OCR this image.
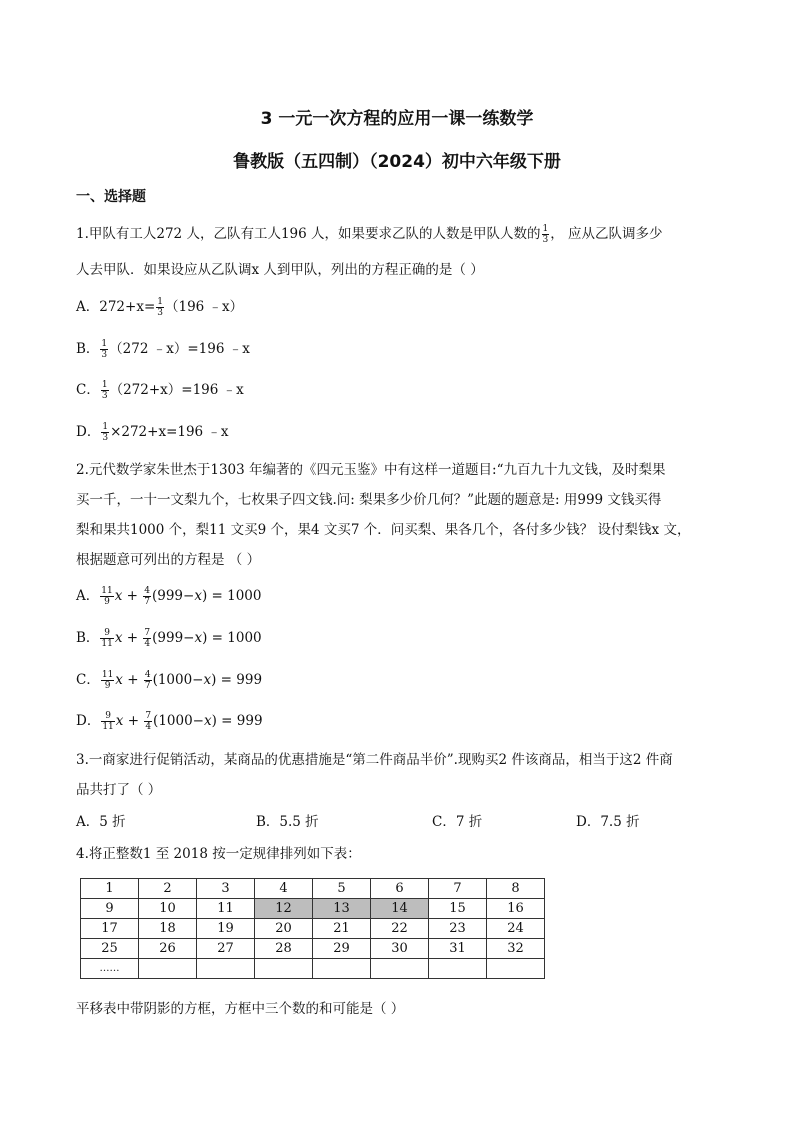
3 一元一次方程的应用一课一练数学
鲁教版（五四制）（2024）初中六年级下册
一、选择题
1.甲队有工人272 人，乙队有工人196 人，如果要求乙队的人数是甲队人数的 $\frac{1}{3}$ ， 应从乙队调多少
人去甲队．如果设应从乙队调x 人到甲队，列出的方程正确的是（ ）
A．$272+x= \frac{1}{3} (196$ ﹣x）
B． $\frac{1}{3} (272$ ﹣x）=196 ﹣x
C． $\frac{1}{3} (272+x)=196$ ﹣x
D． $\frac{1}{3} \times 272+x=196$ ﹣x
2.元代数学家朱世杰于1303 年编著的《四元玉鉴》中有这样一道题目:“九百九十九文钱，及时梨果
买一千，一十一文梨九个，七枚果子四文钱.问: 梨果多少价几何？”此题的题意是: 用999 文钱买得
梨和果共1000 个，梨11 文买9 个，果4 文买7 个．问买梨、果各几个，各付多少钱？ 设付梨钱x 文，
根据题意可列出的方程是 （ ）
A． $\frac{11}{9}$ $x + \frac{4}{7} (999-x) = 1000$
B． $\frac{9}{11}$ $x + \frac{7}{4} (999-x) = 1000$
C． $\frac{11}{9}$ $x + \frac{4}{7} (1000-x) = 999$
D． $\frac{9}{11}$ $x + \frac{7}{4} (1000-x) = 999$
3.一商家进行促销活动，某商品的优惠措施是“第二件商品半价”.现购买2 件该商品，相当于这2 件商
品共打了（ ）
A．5 折	B．5.5 折	C．7 折	D．7.5 折
4.将正整数1 至 2018 按一定规律排列如下表：
1	2	3	4	5	6	7	8
9	10	11	12	13	14	15	16
17	18	19	20	21	22	23	24
25	26	27	28	29	30	31	32
……							
平移表中带阴影的方框，方框中三个数的和可能是（ ）
